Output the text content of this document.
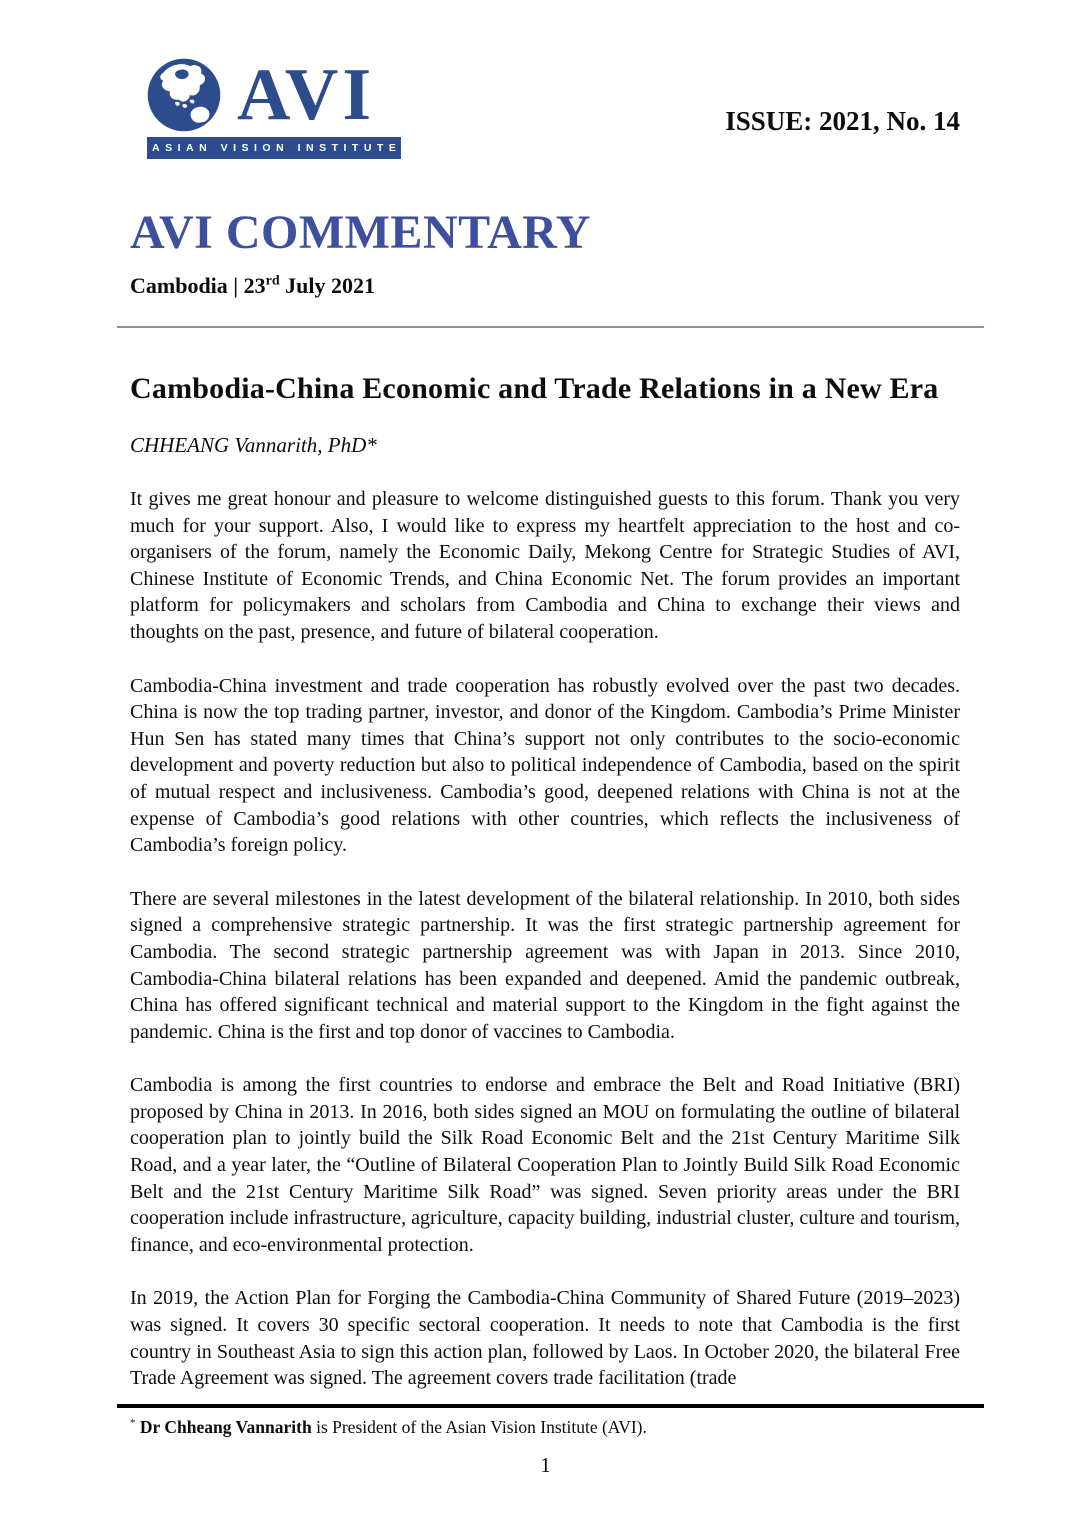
AVI
ASIAN VISION INSTITUTE
ISSUE: 2021, No. 14
AVI COMMENTARY
Cambodia | 23rd July 2021
Cambodia-China Economic and Trade Relations in a New Era
CHHEANG Vannarith, PhD*

It gives me great honour and pleasure to welcome distinguished guests to this forum. Thank you very much for your support. Also, I would like to express my heartfelt appreciation to the host and co-organisers of the forum, namely the Economic Daily, Mekong Centre for Strategic Studies of AVI, Chinese Institute of Economic Trends, and China Economic Net. The forum provides an important platform for policymakers and scholars from Cambodia and China to exchange their views and thoughts on the past, presence, and future of bilateral cooperation.

Cambodia-China investment and trade cooperation has robustly evolved over the past two decades. China is now the top trading partner, investor, and donor of the Kingdom. Cambodia’s Prime Minister Hun Sen has stated many times that China’s support not only contributes to the socio-economic development and poverty reduction but also to political independence of Cambodia, based on the spirit of mutual respect and inclusiveness. Cambodia’s good, deepened relations with China is not at the expense of Cambodia’s good relations with other countries, which reflects the inclusiveness of Cambodia’s foreign policy.

There are several milestones in the latest development of the bilateral relationship. In 2010, both sides signed a comprehensive strategic partnership. It was the first strategic partnership agreement for Cambodia. The second strategic partnership agreement was with Japan in 2013. Since 2010, Cambodia-China bilateral relations has been expanded and deepened. Amid the pandemic outbreak, China has offered significant technical and material support to the Kingdom in the fight against the pandemic. China is the first and top donor of vaccines to Cambodia.

Cambodia is among the first countries to endorse and embrace the Belt and Road Initiative (BRI) proposed by China in 2013. In 2016, both sides signed an MOU on formulating the outline of bilateral cooperation plan to jointly build the Silk Road Economic Belt and the 21st Century Maritime Silk Road, and a year later, the “Outline of Bilateral Cooperation Plan to Jointly Build Silk Road Economic Belt and the 21st Century Maritime Silk Road” was signed. Seven priority areas under the BRI cooperation include infrastructure, agriculture, capacity building, industrial cluster, culture and tourism, finance, and eco-environmental protection.

In 2019, the Action Plan for Forging the Cambodia-China Community of Shared Future (2019–2023) was signed. It covers 30 specific sectoral cooperation. It needs to note that Cambodia is the first country in Southeast Asia to sign this action plan, followed by Laos. In October 2020, the bilateral Free Trade Agreement was signed. The agreement covers trade facilitation (trade

* Dr Chheang Vannarith is President of the Asian Vision Institute (AVI).
1
